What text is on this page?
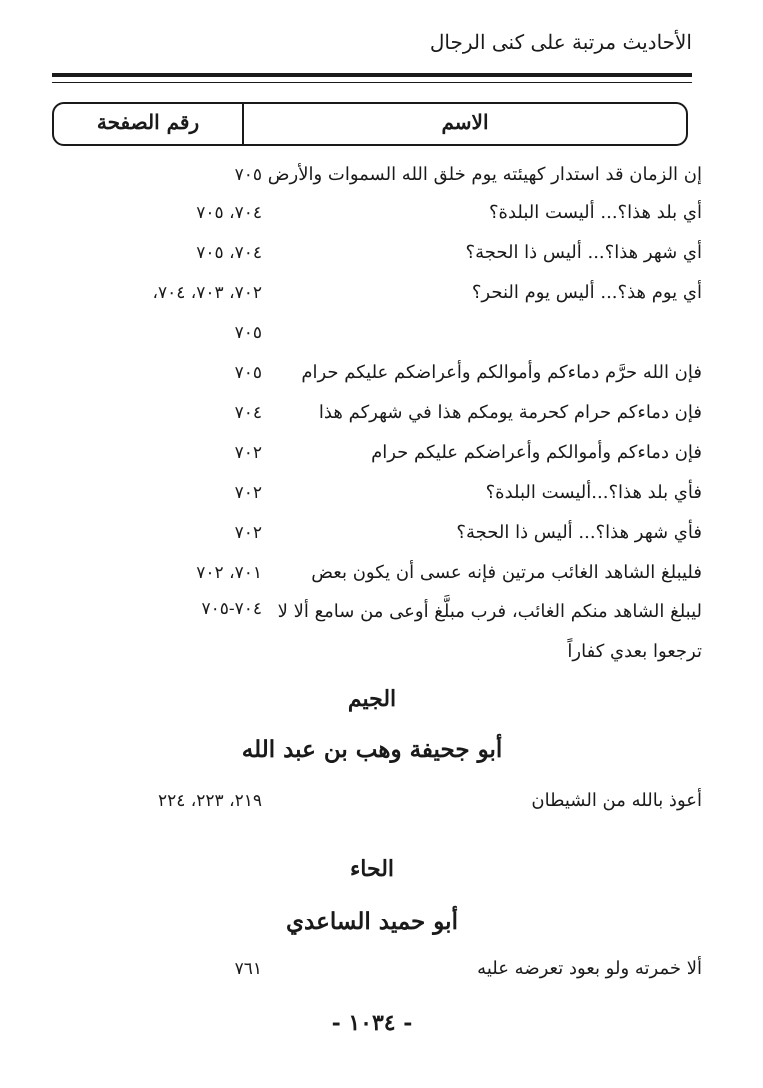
الأحاديث مرتبة على كنى الرجال
الاسم
رقم الصفحة
إن الزمان قد استدار كهيئته يوم خلق الله السموات والأرض
٧٠٥
أي بلد هذا؟... أليست البلدة؟
٧٠٤، ٧٠٥
أي شهر هذا؟... أليس ذا الحجة؟
٧٠٤، ٧٠٥
أي يوم هذ؟... أليس يوم النحر؟
٧٠٢، ٧٠٣، ٧٠٤،
٧٠٥
فإن الله حرَّم دماءكم وأموالكم وأعراضكم عليكم حرام
٧٠٥
فإن دماءكم حرام كحرمة يومكم هذا في شهركم هذا
٧٠٤
فإن دماءكم وأموالكم وأعراضكم عليكم حرام
٧٠٢
فأي بلد هذا؟...أليست البلدة؟
٧٠٢
فأي شهر هذا؟... أليس ذا الحجة؟
٧٠٢
فليبلغ الشاهد الغائب مرتين فإنه عسى أن يكون بعض
٧٠١، ٧٠٢
ليبلغ الشاهد منكم الغائب، فرب مبلَّغ أوعى من سامع ألا لا ترجعوا بعدي كفاراً
٧٠٤-٧٠٥
الجيم
أبو جحيفة وهب بن عبد الله
أعوذ بالله من الشيطان
٢١٩، ٢٢٣، ٢٢٤
الحاء
أبو حميد الساعدي
ألا خمرته ولو بعود تعرضه عليه
٧٦١
- ١٠٣٤ -
